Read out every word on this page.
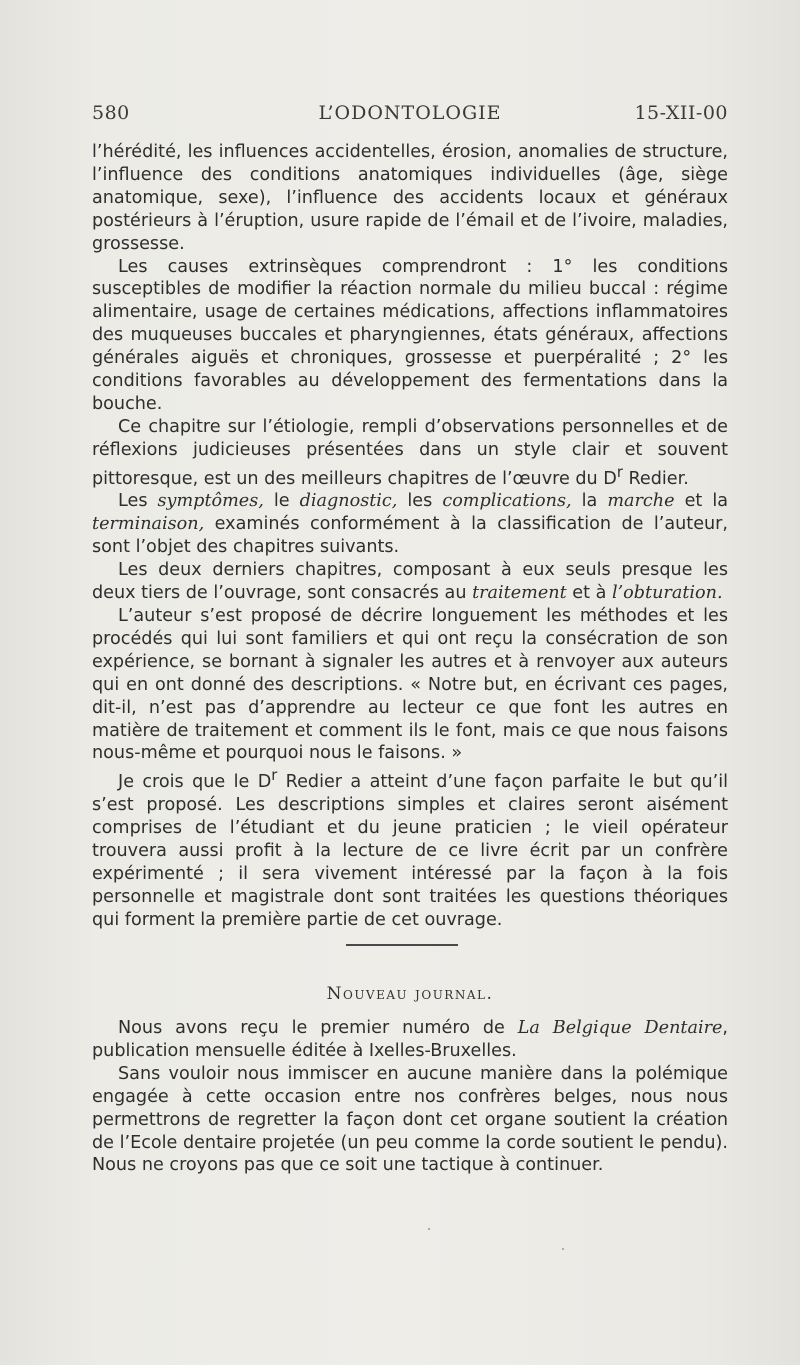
580	L’ODONTOLOGIE	15-XII-00

l’hérédité, les influences accidentelles, érosion, anomalies de structure, l’influence des conditions anatomiques individuelles (âge, siège anatomique, sexe), l’influence des accidents locaux et généraux postérieurs à l’éruption, usure rapide de l’émail et de l’ivoire, maladies, grossesse.

Les causes extrinsèques comprendront : 1° les conditions susceptibles de modifier la réaction normale du milieu buccal : régime alimentaire, usage de certaines médications, affections inflammatoires des muqueuses buccales et pharyngiennes, états généraux, affections générales aiguës et chroniques, grossesse et puerpéralité ; 2° les conditions favorables au développement des fermentations dans la bouche.

Ce chapitre sur l’étiologie, rempli d’observations personnelles et de réflexions judicieuses présentées dans un style clair et souvent pittoresque, est un des meilleurs chapitres de l’œuvre du $D^r$ Redier.

Les symptômes, le diagnostic, les complications, la marche et la terminaison, examinés conformément à la classification de l’auteur, sont l’objet des chapitres suivants.

Les deux derniers chapitres, composant à eux seuls presque les deux tiers de l’ouvrage, sont consacrés au traitement et à l’obturation.

L’auteur s’est proposé de décrire longuement les méthodes et les procédés qui lui sont familiers et qui ont reçu la consécration de son expérience, se bornant à signaler les autres et à renvoyer aux auteurs qui en ont donné des descriptions. « Notre but, en écrivant ces pages, dit-il, n’est pas d’apprendre au lecteur ce que font les autres en matière de traitement et comment ils le font, mais ce que nous faisons nous-même et pourquoi nous le faisons. »

Je crois que le $D^r$ Redier a atteint d’une façon parfaite le but qu’il s’est proposé. Les descriptions simples et claires seront aisément comprises de l’étudiant et du jeune praticien ; le vieil opérateur trouvera aussi profit à la lecture de ce livre écrit par un confrère expérimenté ; il sera vivement intéressé par la façon à la fois personnelle et magistrale dont sont traitées les questions théoriques qui forment la première partie de cet ouvrage.

Nouveau journal.

Nous avons reçu le premier numéro de La Belgique Dentaire, publication mensuelle éditée à Ixelles-Bruxelles.

Sans vouloir nous immiscer en aucune manière dans la polémique engagée à cette occasion entre nos confrères belges, nous nous permettrons de regretter la façon dont cet organe soutient la création de l’Ecole dentaire projetée (un peu comme la corde soutient le pendu). Nous ne croyons pas que ce soit une tactique à continuer.
